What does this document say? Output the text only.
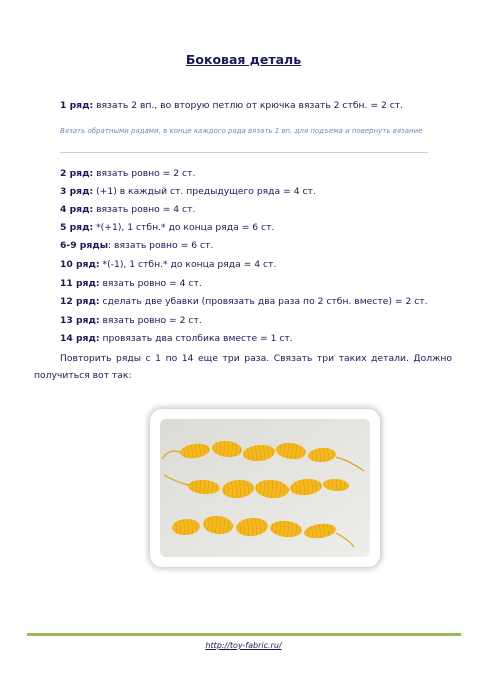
Боковая деталь
1 ряд: вязать 2 вп., во вторую петлю от крючка вязать 2 стбн. = 2 ст.
Вязать обратными рядами, в конце каждого ряда вязать 1 вп. для подъема и повернуть вязание
2 ряд: вязать ровно = 2 ст.
3 ряд: (+1) в каждый ст. предыдущего ряда = 4 ст.
4 ряд: вязать ровно = 4 ст.
5 ряд: *(+1), 1 стбн.* до конца ряда = 6 ст.
6-9 ряды: вязать ровно = 6 ст.
10 ряд: *(-1), 1 стбн.* до конца ряда = 4 ст.
11 ряд: вязать ровно = 4 ст.
12 ряд: сделать две убавки (провязать два раза по 2 стбн. вместе) = 2 ст.
13 ряд: вязать ровно = 2 ст.
14 ряд: провязать два столбика вместе = 1 ст.
Повторить ряды с 1 по 14 еще три раза. Связать три таких детали. Должно получиться вот так:
http://toy-fabric.ru/
